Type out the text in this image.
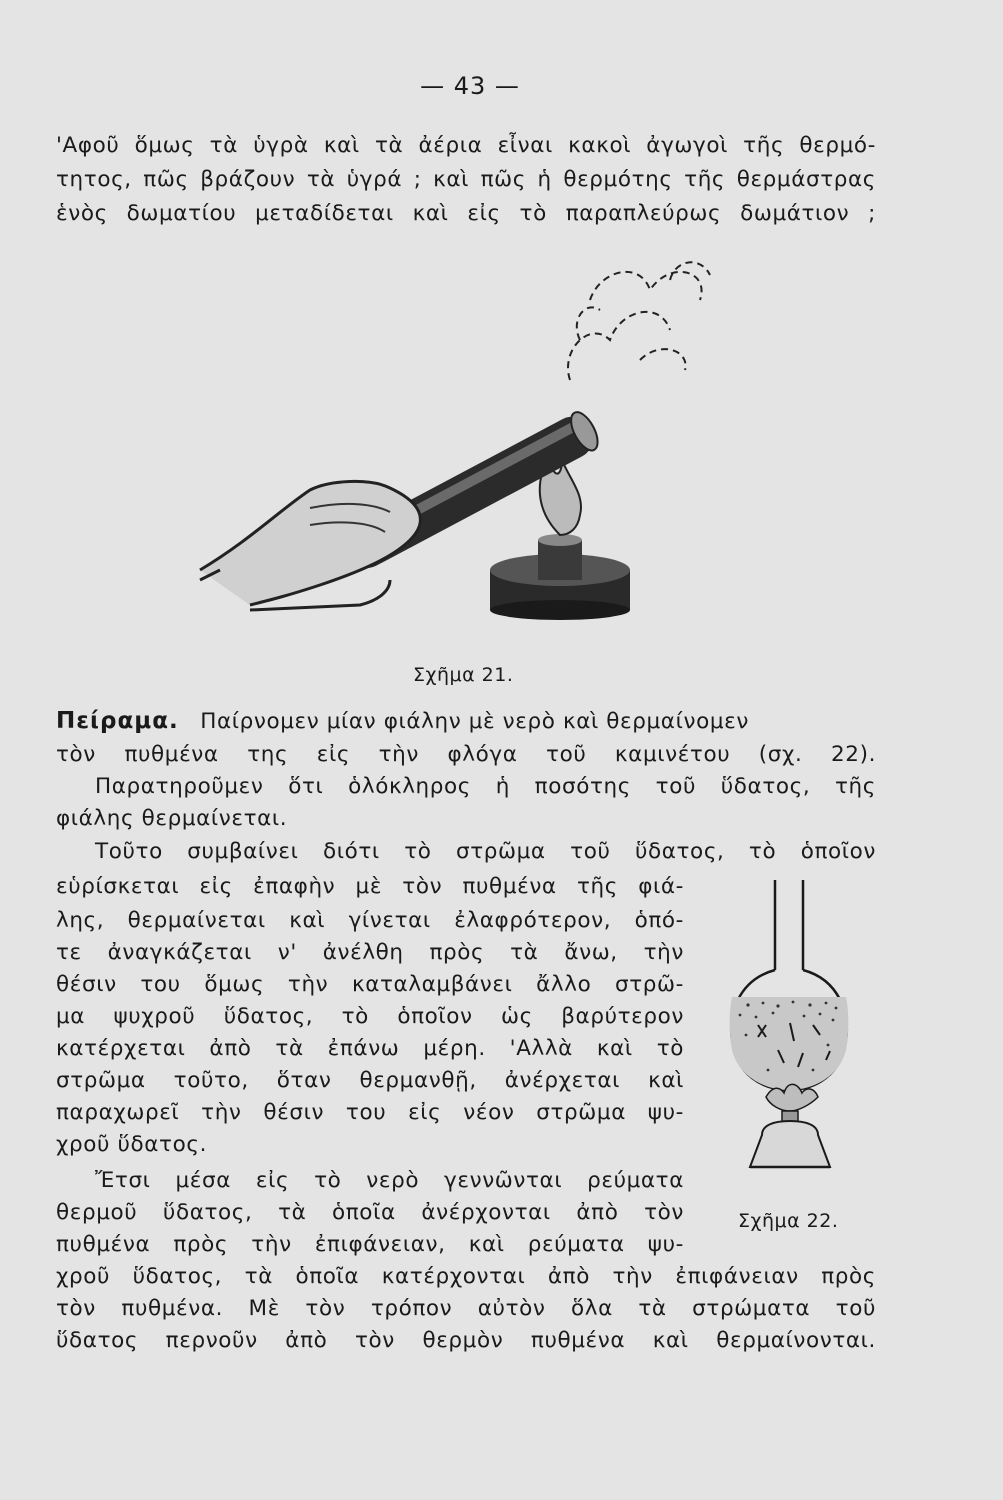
— 43 —
'Αφοῦ ὅμως τὰ ὑγρὰ καὶ τὰ ἀέρια εἶναι κακοὶ ἀγωγοὶ τῆς θερμό-
τητος, πῶς βράζουν τὰ ὑγρά ; καὶ πῶς ἡ θερμότης τῆς θερμάστρας
ἑνὸς δωματίου μεταδίδεται καὶ εἰς τὸ παραπλεύρως δωμάτιον ;
Σχῆμα 21.
Πείραμα. Παίρνομεν μίαν φιάλην μὲ νερὸ καὶ θερμαίνομεν
τὸν πυθμένα της εἰς τὴν φλόγα τοῦ καμινέτου (σχ. 22).
Παρατηροῦμεν ὅτι ὁλόκληρος ἡ ποσότης τοῦ ὕδατος, τῆς
φιάλης θερμαίνεται.
Τοῦτο συμβαίνει διότι τὸ στρῶμα τοῦ ὕδατος, τὸ ὁποῖον
εὑρίσκεται εἰς ἐπαφὴν μὲ τὸν πυθμένα τῆς φιά-
λης, θερμαίνεται καὶ γίνεται ἐλαφρότερον, ὁπό-
τε ἀναγκάζεται ν' ἀνέλθη πρὸς τὰ ἄνω, τὴν
θέσιν του ὅμως τὴν καταλαμβάνει ἄλλο στρῶ-
μα ψυχροῦ ὕδατος, τὸ ὁποῖον ὡς βαρύτερον
κατέρχεται ἀπὸ τὰ ἐπάνω μέρη. 'Αλλὰ καὶ τὸ
στρῶμα τοῦτο, ὅταν θερμανθῇ, ἀνέρχεται καὶ
παραχωρεῖ τὴν θέσιν του εἰς νέον στρῶμα ψυ-
χροῦ ὕδατος.
Ἔτσι μέσα εἰς τὸ νερὸ γεννῶνται ρεύματα
θερμοῦ ὕδατος, τὰ ὁποῖα ἀνέρχονται ἀπὸ τὸν
πυθμένα πρὸς τὴν ἐπιφάνειαν, καὶ ρεύματα ψυ-
χροῦ ὕδατος, τὰ ὁποῖα κατέρχονται ἀπὸ τὴν ἐπιφάνειαν πρὸς
τὸν πυθμένα. Μὲ τὸν τρόπον αὐτὸν ὅλα τὰ στρώματα τοῦ
ὕδατος περνοῦν ἀπὸ τὸν θερμὸν πυθμένα καὶ θερμαίνονται.
Σχῆμα 22.
